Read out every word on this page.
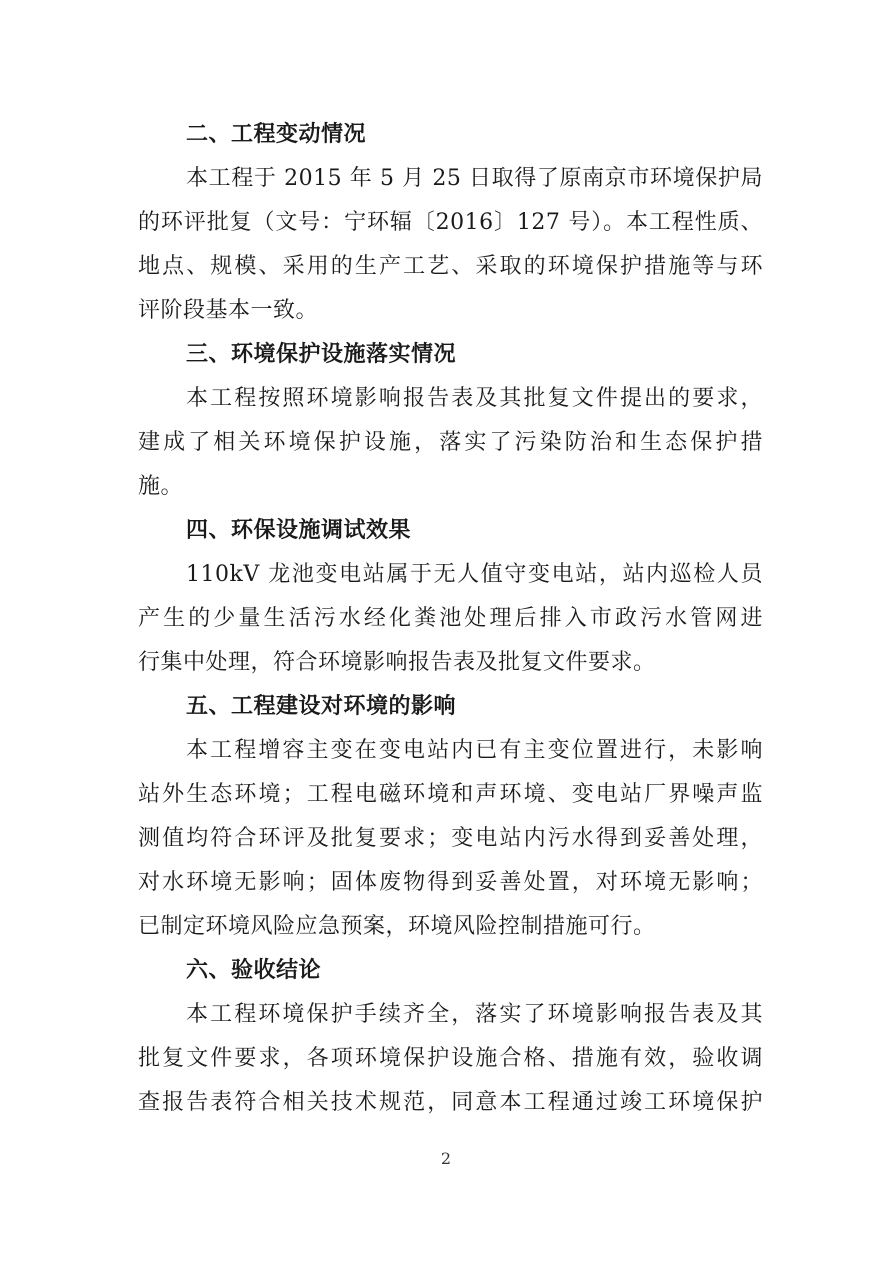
二、工程变动情况
本工程于 2015 年 5 月 25 日取得了原南京市环境保护局
的环评批复（文号：宁环辐〔2016〕127 号）。本工程性质、
地点、规模、采用的生产工艺、采取的环境保护措施等与环
评阶段基本一致。
三、环境保护设施落实情况
本工程按照环境影响报告表及其批复文件提出的要求，
建成了相关环境保护设施，落实了污染防治和生态保护措
施。
四、环保设施调试效果
110kV 龙池变电站属于无人值守变电站，站内巡检人员
产生的少量生活污水经化粪池处理后排入市政污水管网进
行集中处理，符合环境影响报告表及批复文件要求。
五、工程建设对环境的影响
本工程增容主变在变电站内已有主变位置进行，未影响
站外生态环境；工程电磁环境和声环境、变电站厂界噪声监
测值均符合环评及批复要求；变电站内污水得到妥善处理，
对水环境无影响；固体废物得到妥善处置，对环境无影响；
已制定环境风险应急预案，环境风险控制措施可行。
六、验收结论
本工程环境保护手续齐全，落实了环境影响报告表及其
批复文件要求，各项环境保护设施合格、措施有效，验收调
查报告表符合相关技术规范，同意本工程通过竣工环境保护
2
